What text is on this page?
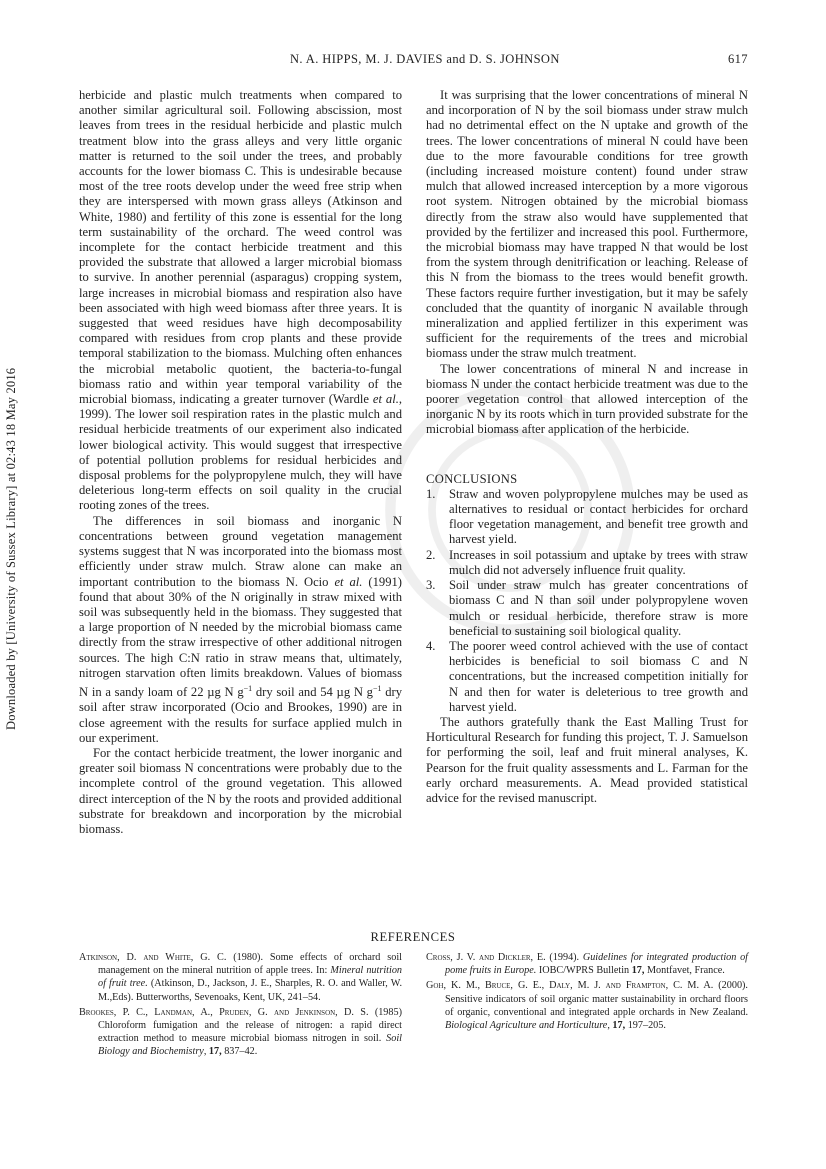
N. A. HIPPS, M. J. DAVIES and D. S. JOHNSON	617
Downloaded by [University of Sussex Library] at 02:43 18 May 2016

herbicide and plastic mulch treatments when compared to another similar agricultural soil. Following abscission, most leaves from trees in the residual herbicide and plastic mulch treatment blow into the grass alleys and very little organic matter is returned to the soil under the trees, and probably accounts for the lower biomass C. This is undesirable because most of the tree roots develop under the weed free strip when they are interspersed with mown grass alleys (Atkinson and White, 1980) and fertility of this zone is essential for the long term sustainability of the orchard. The weed control was incomplete for the contact herbicide treatment and this provided the substrate that allowed a larger microbial biomass to survive. In another perennial (asparagus) cropping system, large increases in microbial biomass and respiration also have been associated with high weed biomass after three years. It is suggested that weed residues have high decomposability compared with residues from crop plants and these provide temporal stabilization to the biomass. Mulching often enhances the microbial metabolic quotient, the bacteria-to-fungal biomass ratio and within year temporal variability of the microbial biomass, indicating a greater turnover (Wardle et al., 1999). The lower soil respiration rates in the plastic mulch and residual herbicide treatments of our experiment also indicated lower biological activity. This would suggest that irrespective of potential pollution problems for residual herbicides and disposal problems for the polypropylene mulch, they will have deleterious long-term effects on soil quality in the crucial rooting zones of the trees.

The differences in soil biomass and inorganic N concentrations between ground vegetation management systems suggest that N was incorporated into the biomass most efficiently under straw mulch. Straw alone can make an important contribution to the biomass N. Ocio et al. (1991) found that about 30% of the N originally in straw mixed with soil was subsequently held in the biomass. They suggested that a large proportion of N needed by the microbial biomass came directly from the straw irrespective of other additional nitrogen sources. The high C:N ratio in straw means that, ultimately, nitrogen starvation often limits breakdown. Values of biomass N in a sandy loam of 22 µg N $g^{-1}$ dry soil and 54 µg N $g^{-1}$ dry soil after straw incorporated (Ocio and Brookes, 1990) are in close agreement with the results for surface applied mulch in our experiment.

For the contact herbicide treatment, the lower inorganic and greater soil biomass N concentrations were probably due to the incomplete control of the ground vegetation. This allowed direct interception of the N by the roots and provided additional substrate for breakdown and incorporation by the microbial biomass.

It was surprising that the lower concentrations of mineral N and incorporation of N by the soil biomass under straw mulch had no detrimental effect on the N uptake and growth of the trees. The lower concentrations of mineral N could have been due to the more favourable conditions for tree growth (including increased moisture content) found under straw mulch that allowed increased interception by a more vigorous root system. Nitrogen obtained by the microbial biomass directly from the straw also would have supplemented that provided by the fertilizer and increased this pool. Furthermore, the microbial biomass may have trapped N that would be lost from the system through denitrification or leaching. Release of this N from the biomass to the trees would benefit growth. These factors require further investigation, but it may be safely concluded that the quantity of inorganic N available through mineralization and applied fertilizer in this experiment was sufficient for the requirements of the trees and microbial biomass under the straw mulch treatment.

The lower concentrations of mineral N and increase in biomass N under the contact herbicide treatment was due to the poorer vegetation control that allowed interception of the inorganic N by its roots which in turn provided substrate for the microbial biomass after application of the herbicide.

CONCLUSIONS
1. Straw and woven polypropylene mulches may be used as alternatives to residual or contact herbicides for orchard floor vegetation management, and benefit tree growth and harvest yield.
2. Increases in soil potassium and uptake by trees with straw mulch did not adversely influence fruit quality.
3. Soil under straw mulch has greater concentrations of biomass C and N than soil under polypropylene woven mulch or residual herbicide, therefore straw is more beneficial to sustaining soil biological quality.
4. The poorer weed control achieved with the use of contact herbicides is beneficial to soil biomass C and N concentrations, but the increased competition initially for N and then for water is deleterious to tree growth and harvest yield.

The authors gratefully thank the East Malling Trust for Horticultural Research for funding this project, T. J. Samuelson for performing the soil, leaf and fruit mineral analyses, K. Pearson for the fruit quality assessments and L. Farman for the early orchard measurements. A. Mead provided statistical advice for the revised manuscript.

REFERENCES
Atkinson, D. and White, G. C. (1980). Some effects of orchard soil management on the mineral nutrition of apple trees. In: Mineral nutrition of fruit tree. (Atkinson, D., Jackson, J. E., Sharples, R. O. and Waller, W. M.,Eds). Butterworths, Sevenoaks, Kent, UK, 241–54.
Brookes, P. C., Landman, A., Pruden, G. and Jenkinson, D. S. (1985) Chloroform fumigation and the release of nitrogen: a rapid direct extraction method to measure microbial biomass nitrogen in soil. Soil Biology and Biochemistry, 17, 837–42.
Cross, J. V. and Dickler, E. (1994). Guidelines for integrated production of pome fruits in Europe. IOBC/WPRS Bulletin 17, Montfavet, France.
Goh, K. M., Bruce, G. E., Daly, M. J. and Frampton, C. M. A. (2000). Sensitive indicators of soil organic matter sustainability in orchard floors of organic, conventional and integrated apple orchards in New Zealand. Biological Agriculture and Horticulture, 17, 197–205.
